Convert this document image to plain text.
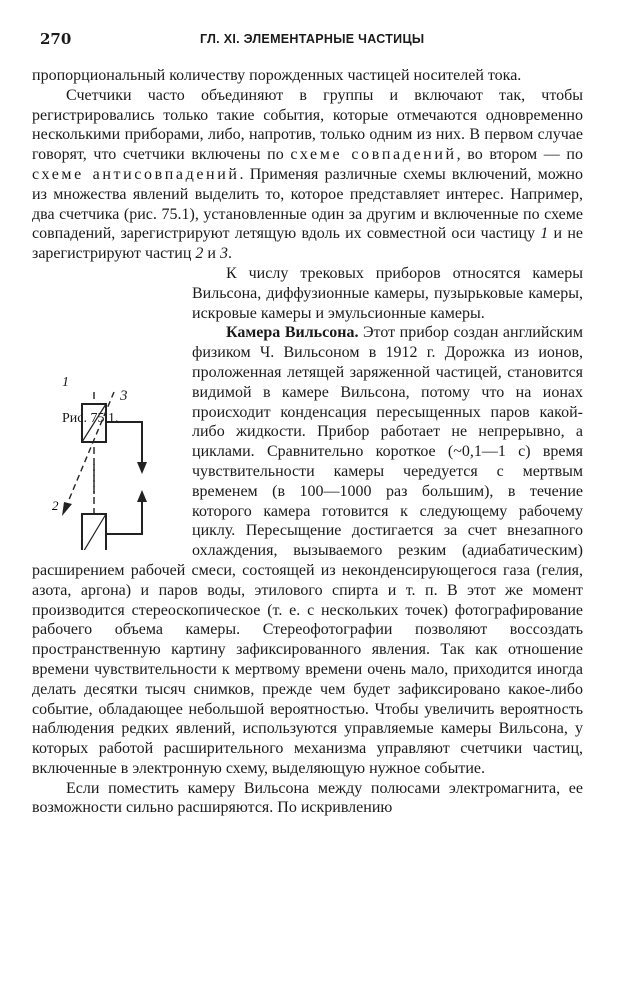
270	ГЛ. XI. ЭЛЕМЕНТАРНЫЕ ЧАСТИЦЫ

пропорциональный количеству порожденных частицей носителей тока.

Счетчики часто объединяют в группы и включают так, чтобы регистрировались только такие события, которые отмечаются одновременно несколькими приборами, либо, напротив, только одним из них. В первом случае говорят, что счетчики включены по схеме совпадений, во втором — по схеме антисовпадений. Применяя различные схемы включений, можно из множества явлений выделить то, которое представляет интерес. Например, два счетчика (рис. 75.1), установленные один за другим и включенные по схеме совпадений, зарегистрируют летящую вдоль их совместной оси частицу 1 и не зарегистрируют частиц 2 и 3.

2

К числу трековых приборов относятся камеры Вильсона, диффузионные камеры, пузырьковые камеры, искровые камеры и эмульсионные камеры.

Камера Вильсона. Этот прибор создан английским физиком Ч. Вильсоном в 1912 г. Дорожка из ионов, проложенная летящей заряженной частицей, становится видимой в камере Вильсона, потому что на ионах происходит конденсация пересыщенных паров какой-либо жидкости. Прибор работает не непрерывно, а циклами. Сравнительно короткое (~0,1—1 с) время чувствительности камеры чередуется с мертвым временем (в 100—1000 раз большим), в течение которого камера готовится к следующему рабочему циклу. Пересыщение достигается за счет внезапного охлаждения, вызываемого резким (адиабатическим) расширением рабочей смеси, состоящей из неконденсирующегося газа (гелия, азота, аргона) и паров воды, этилового спирта и т. п. В этот же момент производится стереоскопическое (т. е. с нескольких точек) фотографирование рабочего объема камеры. Стереофотографии позволяют воссоздать пространственную картину зафиксированного явления. Так как отношение времени чувствительности к мертвому времени очень мало, приходится иногда делать десятки тысяч снимков, прежде чем будет зафиксировано какое-либо событие, обладающее небольшой вероятностью. Чтобы увеличить вероятность наблюдения редких явлений, используются управляемые камеры Вильсона, у которых работой расширительного механизма управляют счетчики частиц, включенные в электронную схему, выделяющую нужное событие.

Если поместить камеру Вильсона между полюсами электромагнита, ее возможности сильно расширяются. По искривлению

1
3
Рис. 75.1.
